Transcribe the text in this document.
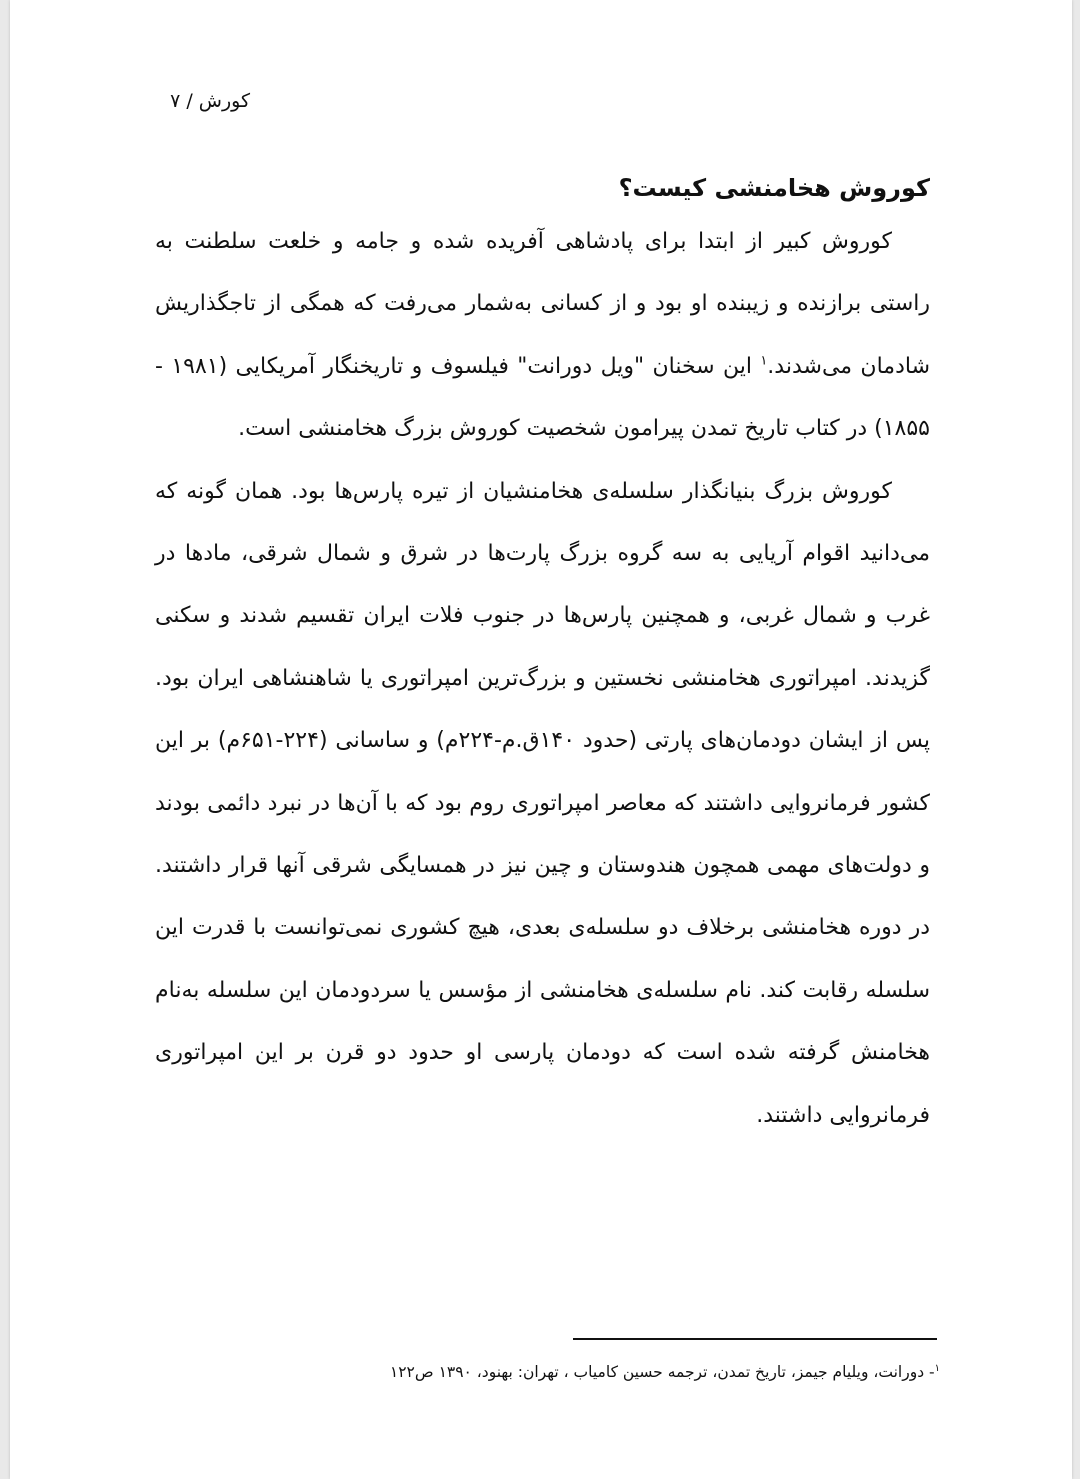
کورش / ۷
کوروش هخامنشی کیست؟

کوروش کبیر از ابتدا برای پادشاهی آفریده شده و جامه و خلعت سلطنت به راستی برازنده و زیبنده او بود و از کسانی به‌شمار می‌رفت که همگی از تاجگذاریش شادمان می‌شدند.$^۱$ این سخنان "ویل دورانت" فیلسوف و تاریخنگار آمریکایی (۱۹۸۱ - ۱۸۵۵) در کتاب تاریخ تمدن پیرامون شخصیت کوروش بزرگ هخامنشی است.

کوروش بزرگ بنیانگذار سلسله‌ی هخامنشیان از تیره پارس‌ها بود. همان گونه که می‌دانید اقوام آریایی به سه گروه بزرگ پارت‌ها در شرق و شمال شرقی، مادها در غرب و شمال غربی، و همچنین پارس‌ها در جنوب فلات ایران تقسیم شدند و سکنی گزیدند. امپراتوری هخامنشی نخستین و بزرگ‌ترین امپراتوری یا شاهنشاهی ایران بود. پس از ایشان دودمان‌های پارتی (حدود ۱۴۰ق.م-۲۲۴م) و ساسانی (۲۲۴-۶۵۱م) بر این کشور فرمانروایی داشتند که معاصر امپراتوری روم بود که با آن‌ها در نبرد دائمی بودند و دولت‌های مهمی همچون هندوستان و چین نیز در همسایگی شرقی آنها قرار داشتند. در دوره هخامنشی برخلاف دو سلسله‌ی بعدی، هیچ کشوری نمی‌توانست با قدرت این سلسله رقابت کند. نام سلسله‌ی هخامنشی از مؤسس یا سردودمان این سلسله به‌نام هخامنش گرفته شده است که دودمان پارسی او حدود دو قرن بر این امپراتوری فرمانروایی داشتند.

$^۱$- دورانت، ویلیام جیمز، تاریخ تمدن، ترجمه حسین کامیاب ، تهران: بهنود، ۱۳۹۰ ص۱۲۲
